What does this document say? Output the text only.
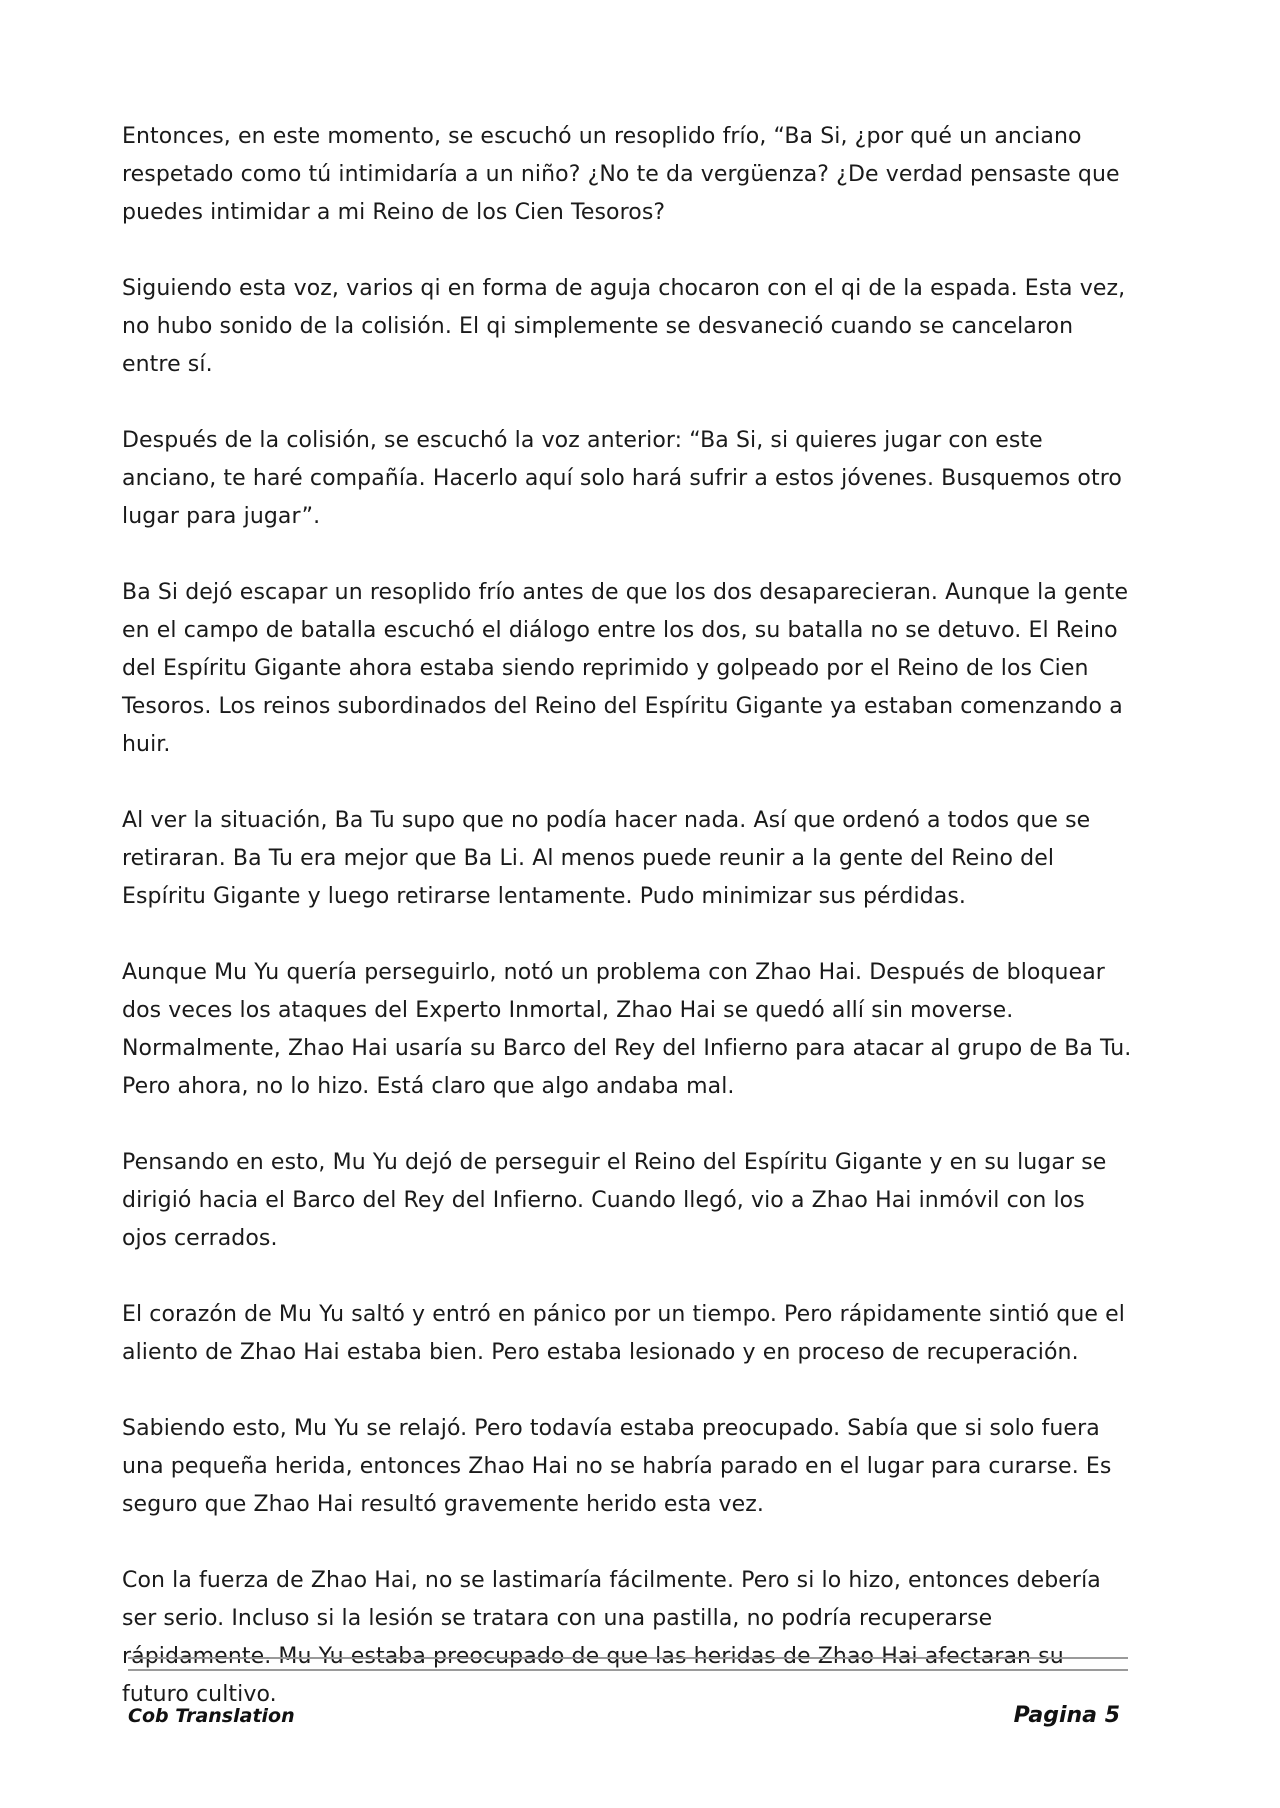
Entonces, en este momento, se escuchó un resoplido frío, “Ba Si, ¿por qué un anciano respetado como tú intimidaría a un niño? ¿No te da vergüenza? ¿De verdad pensaste que puedes intimidar a mi Reino de los Cien Tesoros?

Siguiendo esta voz, varios qi en forma de aguja chocaron con el qi de la espada. Esta vez, no hubo sonido de la colisión. El qi simplemente se desvaneció cuando se cancelaron entre sí.

Después de la colisión, se escuchó la voz anterior: “Ba Si, si quieres jugar con este anciano, te haré compañía. Hacerlo aquí solo hará sufrir a estos jóvenes. Busquemos otro lugar para jugar”.

Ba Si dejó escapar un resoplido frío antes de que los dos desaparecieran. Aunque la gente en el campo de batalla escuchó el diálogo entre los dos, su batalla no se detuvo. El Reino del Espíritu Gigante ahora estaba siendo reprimido y golpeado por el Reino de los Cien Tesoros. Los reinos subordinados del Reino del Espíritu Gigante ya estaban comenzando a huir.

Al ver la situación, Ba Tu supo que no podía hacer nada. Así que ordenó a todos que se retiraran. Ba Tu era mejor que Ba Li. Al menos puede reunir a la gente del Reino del Espíritu Gigante y luego retirarse lentamente. Pudo minimizar sus pérdidas.

Aunque Mu Yu quería perseguirlo, notó un problema con Zhao Hai. Después de bloquear dos veces los ataques del Experto Inmortal, Zhao Hai se quedó allí sin moverse. Normalmente, Zhao Hai usaría su Barco del Rey del Infierno para atacar al grupo de Ba Tu. Pero ahora, no lo hizo. Está claro que algo andaba mal.

Pensando en esto, Mu Yu dejó de perseguir el Reino del Espíritu Gigante y en su lugar se dirigió hacia el Barco del Rey del Infierno. Cuando llegó, vio a Zhao Hai inmóvil con los ojos cerrados.

El corazón de Mu Yu saltó y entró en pánico por un tiempo. Pero rápidamente sintió que el aliento de Zhao Hai estaba bien. Pero estaba lesionado y en proceso de recuperación.

Sabiendo esto, Mu Yu se relajó. Pero todavía estaba preocupado. Sabía que si solo fuera una pequeña herida, entonces Zhao Hai no se habría parado en el lugar para curarse. Es seguro que Zhao Hai resultó gravemente herido esta vez.

Con la fuerza de Zhao Hai, no se lastimaría fácilmente. Pero si lo hizo, entonces debería ser serio. Incluso si la lesión se tratara con una pastilla, no podría recuperarse rápidamente. Mu Yu estaba preocupado de que las heridas de Zhao Hai afectaran su futuro cultivo.

Cob Translation	Pagina 5
